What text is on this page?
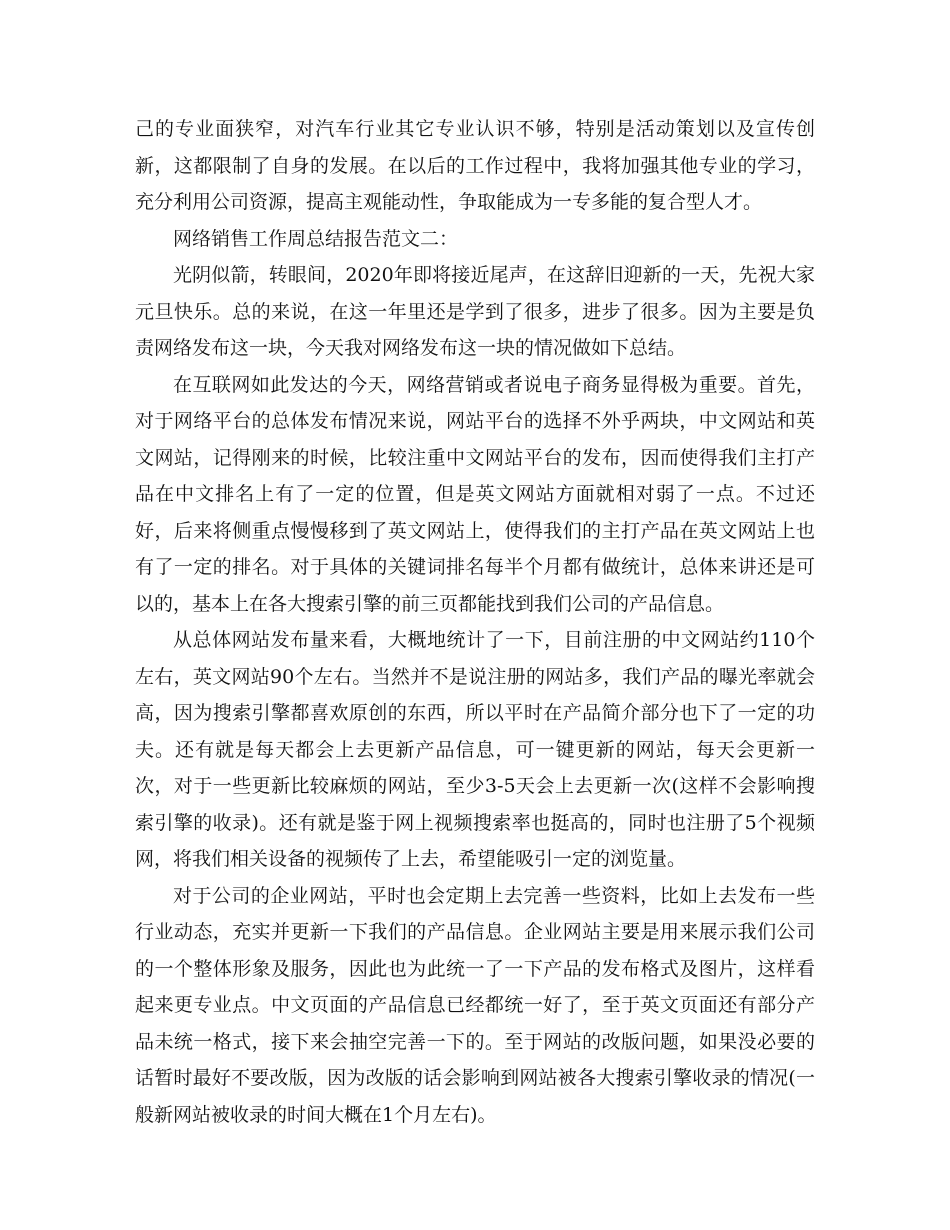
己的专业面狭窄，对汽车行业其它专业认识不够，特别是活动策划以及宣传创新，这都限制了自身的发展。在以后的工作过程中，我将加强其他专业的学习，充分利用公司资源，提高主观能动性，争取能成为一专多能的复合型人才。

网络销售工作周总结报告范文二：

光阴似箭，转眼间，2020年即将接近尾声，在这辞旧迎新的一天，先祝大家元旦快乐。总的来说，在这一年里还是学到了很多，进步了很多。因为主要是负责网络发布这一块，今天我对网络发布这一块的情况做如下总结。

在互联网如此发达的今天，网络营销或者说电子商务显得极为重要。首先，对于网络平台的总体发布情况来说，网站平台的选择不外乎两块，中文网站和英文网站，记得刚来的时候，比较注重中文网站平台的发布，因而使得我们主打产品在中文排名上有了一定的位置，但是英文网站方面就相对弱了一点。不过还好，后来将侧重点慢慢移到了英文网站上，使得我们的主打产品在英文网站上也有了一定的排名。对于具体的关键词排名每半个月都有做统计，总体来讲还是可以的，基本上在各大搜索引擎的前三页都能找到我们公司的产品信息。

从总体网站发布量来看，大概地统计了一下，目前注册的中文网站约110个左右，英文网站90个左右。当然并不是说注册的网站多，我们产品的曝光率就会高，因为搜索引擎都喜欢原创的东西，所以平时在产品简介部分也下了一定的功夫。还有就是每天都会上去更新产品信息，可一键更新的网站，每天会更新一次，对于一些更新比较麻烦的网站，至少3-5天会上去更新一次(这样不会影响搜索引擎的收录)。还有就是鉴于网上视频搜索率也挺高的，同时也注册了5个视频网，将我们相关设备的视频传了上去，希望能吸引一定的浏览量。

对于公司的企业网站，平时也会定期上去完善一些资料，比如上去发布一些行业动态，充实并更新一下我们的产品信息。企业网站主要是用来展示我们公司的一个整体形象及服务，因此也为此统一了一下产品的发布格式及图片，这样看起来更专业点。中文页面的产品信息已经都统一好了，至于英文页面还有部分产品未统一格式，接下来会抽空完善一下的。至于网站的改版问题，如果没必要的话暂时最好不要改版，因为改版的话会影响到网站被各大搜索引擎收录的情况(一般新网站被收录的时间大概在1个月左右)。
